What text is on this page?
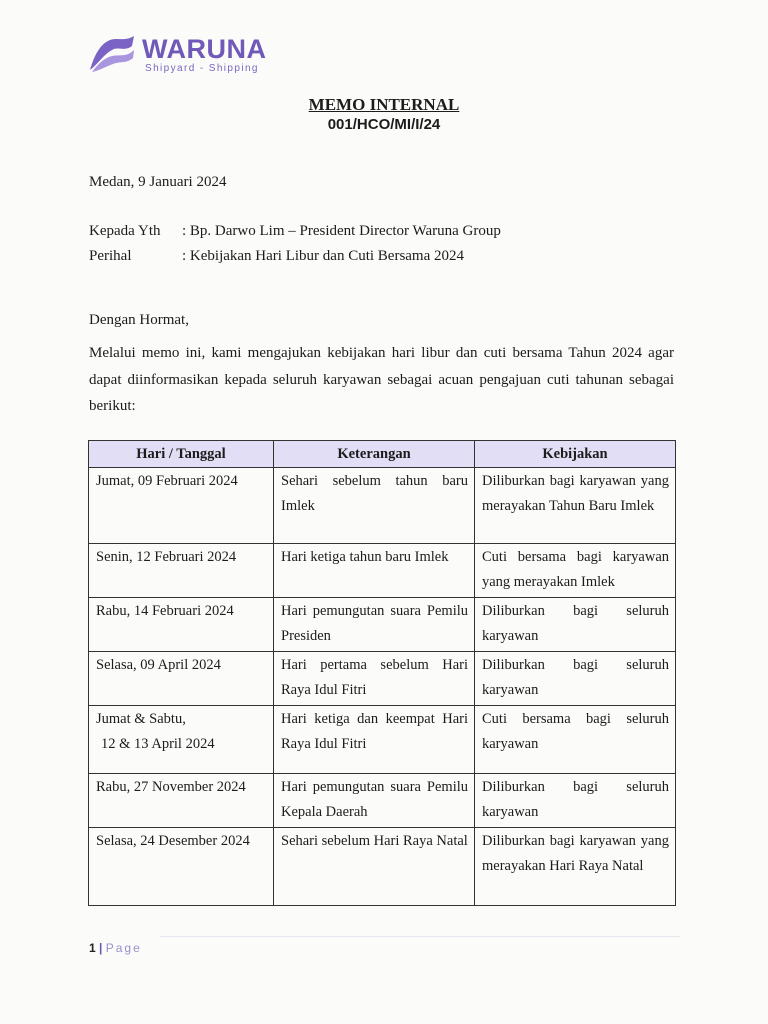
WARUNA
Shipyard - Shipping
MEMO INTERNAL
001/HCO/MI/I/24
Medan, 9 Januari 2024
Kepada Yth : Bp. Darwo Lim – President Director Waruna Group
Perihal	: Kebijakan Hari Libur dan Cuti Bersama 2024
Dengan Hormat,
Melalui memo ini, kami mengajukan kebijakan hari libur dan cuti bersama Tahun 2024 agar dapat diinformasikan kepada seluruh karyawan sebagai acuan pengajuan cuti tahunan sebagai berikut:
Hari / Tanggal	Keterangan	Kebijakan
Jumat, 09 Februari 2024	Sehari sebelum tahun baru Imlek	Diliburkan bagi karyawan yang merayakan Tahun Baru Imlek
Senin, 12 Februari 2024	Hari ketiga tahun baru Imlek	Cuti bersama bagi karyawan yang merayakan Imlek
Rabu, 14 Februari 2024	Hari pemungutan suara Pemilu Presiden	Diliburkan bagi seluruh karyawan
Selasa, 09 April 2024	Hari pertama sebelum Hari Raya Idul Fitri	Diliburkan bagi seluruh karyawan

Jumat & Sabtu,
12 & 13 April 2024	Hari ketiga dan keempat Hari Raya Idul Fitri	Cuti bersama bagi seluruh karyawan
Rabu, 27 November 2024	Hari pemungutan suara Pemilu Kepala Daerah	Diliburkan bagi seluruh karyawan
Selasa, 24 Desember 2024	Sehari sebelum Hari Raya Natal	Diliburkan bagi karyawan yang merayakan Hari Raya Natal
1 | Page
